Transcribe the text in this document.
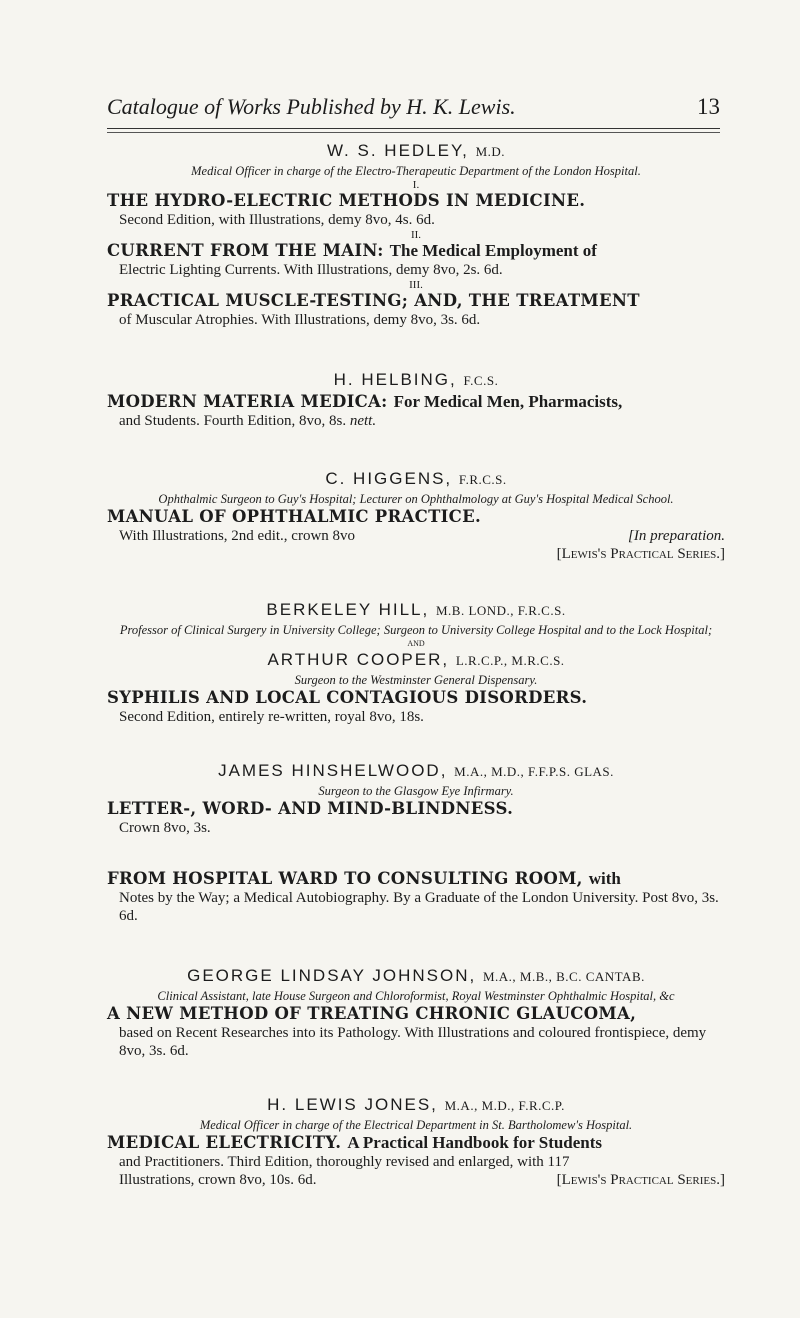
Catalogue of Works Published by H. K. Lewis.	13

W. S. HEDLEY, M.D.

Medical Officer in charge of the Electro-Therapeutic Department of the London Hospital.

I.

THE HYDRO-ELECTRIC METHODS IN MEDICINE.

Second Edition, with Illustrations, demy 8vo, 4s. 6d.

II.

CURRENT FROM THE MAIN: The Medical Employment of

Electric Lighting Currents. With Illustrations, demy 8vo, 2s. 6d.

III.

PRACTICAL MUSCLE-TESTING; AND, THE TREATMENT

of Muscular Atrophies. With Illustrations, demy 8vo, 3s. 6d.

H. HELBING, F.C.S.

MODERN MATERIA MEDICA: For Medical Men, Pharmacists,

and Students. Fourth Edition, 8vo, 8s. nett.

C. HIGGENS, F.R.C.S.

Ophthalmic Surgeon to Guy's Hospital; Lecturer on Ophthalmology at Guy's Hospital Medical School.

MANUAL OF OPHTHALMIC PRACTICE.

With Illustrations, 2nd edit., crown 8vo	[In preparation.

[Lewis's Practical Series.]

BERKELEY HILL, M.B. LOND., F.R.C.S.

Professor of Clinical Surgery in University College; Surgeon to University College Hospital and to the Lock Hospital;

AND

ARTHUR COOPER, L.R.C.P., M.R.C.S.

Surgeon to the Westminster General Dispensary.

SYPHILIS AND LOCAL CONTAGIOUS DISORDERS.

Second Edition, entirely re-written, royal 8vo, 18s.

JAMES HINSHELWOOD, M.A., M.D., F.F.P.S. GLAS.

Surgeon to the Glasgow Eye Infirmary.

LETTER-, WORD- AND MIND-BLINDNESS.

Crown 8vo, 3s.

FROM HOSPITAL WARD TO CONSULTING ROOM, with

Notes by the Way; a Medical Autobiography. By a Graduate of the London University. Post 8vo, 3s. 6d.

GEORGE LINDSAY JOHNSON, M.A., M.B., B.C. CANTAB.

Clinical Assistant, late House Surgeon and Chloroformist, Royal Westminster Ophthalmic Hospital, &c

A NEW METHOD OF TREATING CHRONIC GLAUCOMA,

based on Recent Researches into its Pathology. With Illustrations and coloured frontispiece, demy 8vo, 3s. 6d.

H. LEWIS JONES, M.A., M.D., F.R.C.P.

Medical Officer in charge of the Electrical Department in St. Bartholomew's Hospital.

MEDICAL ELECTRICITY. A Practical Handbook for Students

and Practitioners. Third Edition, thoroughly revised and enlarged, with 117

Illustrations, crown 8vo, 10s. 6d.	[Lewis's Practical Series.]
